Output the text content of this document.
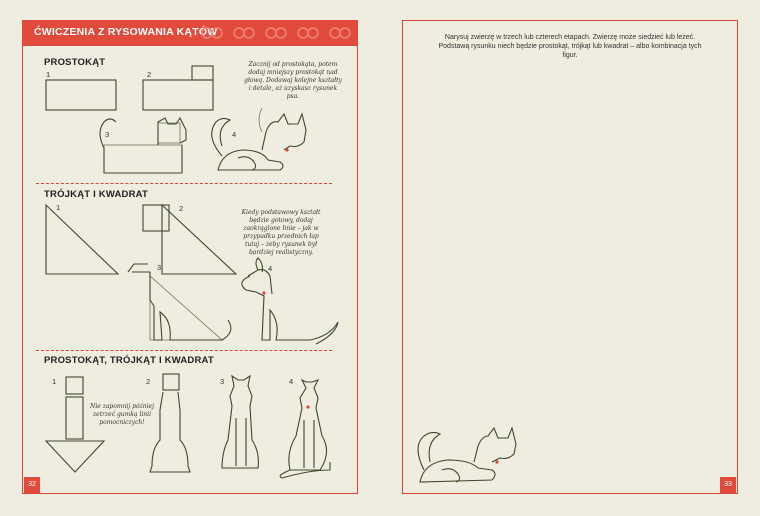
ĆWICZENIA Z RYSOWANIA KĄTÓW
PROSTOKĄT
1	2
3	4
Zacznij od prostokąta, potem dodaj mniejszy prostokąt nad głową. Dodawaj kolejne kształty i detale, aż uzyskasz rysunek psa.
TRÓJKĄT I KWADRAT
1	2
3	4
Kiedy podstawowy kształt będzie gotowy, dodaj zaokrąglone linie – jak w przypadku przednich łap tutaj – żeby rysunek był bardziej realistyczny.
PROSTOKĄT, TRÓJKĄT I KWADRAT
1	2	3	4
Nie zapomnij później zetrzeć gumką linii pomocniczych!
32
Narysuj zwierzę w trzech lub czterech etapach. Zwierzę może siedzieć lub leżeć. Podstawą rysunku niech będzie prostokąt, trójkąt lub kwadrat – albo kombinacja tych figur.
33
